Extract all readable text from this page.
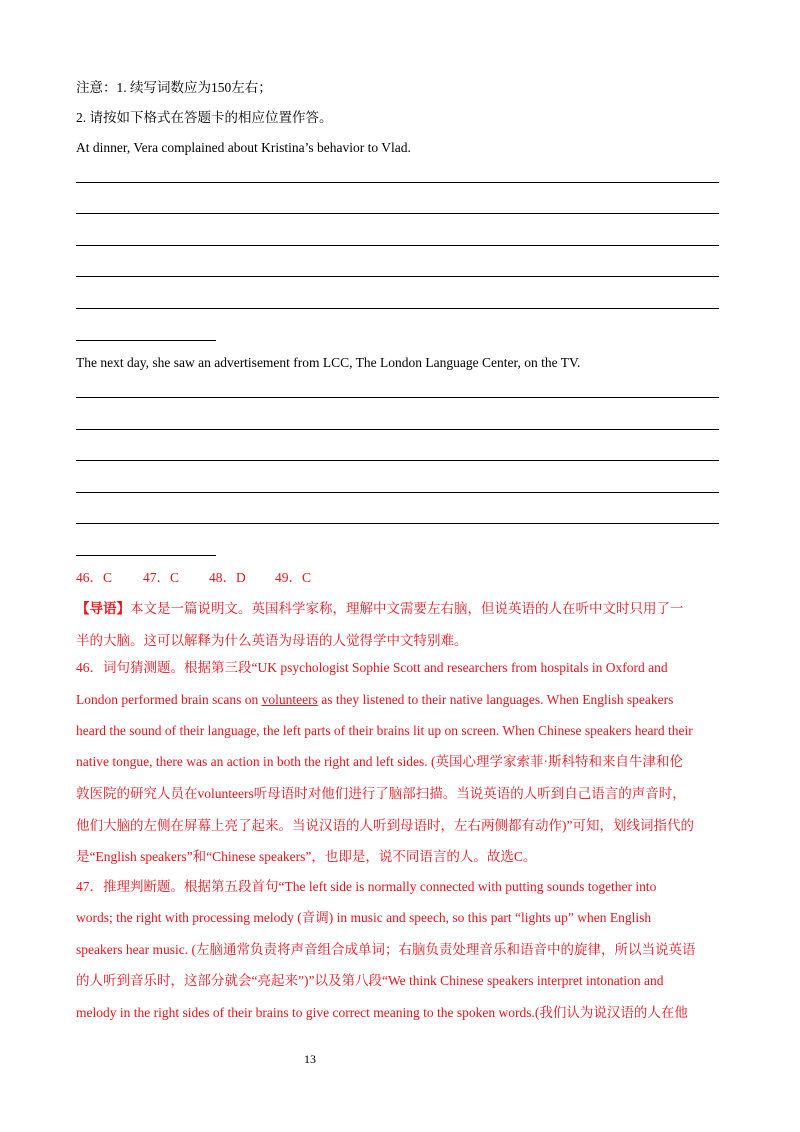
注意：1. 续写词数应为150左右；
2. 请按如下格式在答题卡的相应位置作答。
At dinner, Vera complained about Kristina’s behavior to Vlad.
The next day, she saw an advertisement from LCC, The London Language Center, on the TV.
46．C 47．C 48．D 49．C
【导语】本文是一篇说明文。英国科学家称，理解中文需要左右脑，但说英语的人在听中文时只用了一
半的大脑。这可以解释为什么英语为母语的人觉得学中文特别难。
46．词句猜测题。根据第三段“UK psychologist Sophie Scott and researchers from hospitals in Oxford and
London performed brain scans on volunteers as they listened to their native languages. When English speakers
heard the sound of their language, the left parts of their brains lit up on screen. When Chinese speakers heard their
native tongue, there was an action in both the right and left sides. (英国心理学家索菲·斯科特和来自牛津和伦
敦医院的研究人员在volunteers听母语时对他们进行了脑部扫描。当说英语的人听到自己语言的声音时，
他们大脑的左侧在屏幕上亮了起来。当说汉语的人听到母语时，左右两侧都有动作)”可知，划线词指代的
是“English speakers”和“Chinese speakers”，也即是，说不同语言的人。故选C。
47．推理判断题。根据第五段首句“The left side is normally connected with putting sounds together into
words; the right with processing melody (音调) in music and speech, so this part “lights up” when English
speakers hear music. (左脑通常负责将声音组合成单词；右脑负责处理音乐和语音中的旋律，所以当说英语
的人听到音乐时，这部分就会“亮起来”)”以及第八段“We think Chinese speakers interpret intonation and
melody in the right sides of their brains to give correct meaning to the spoken words.(我们认为说汉语的人在他
13
